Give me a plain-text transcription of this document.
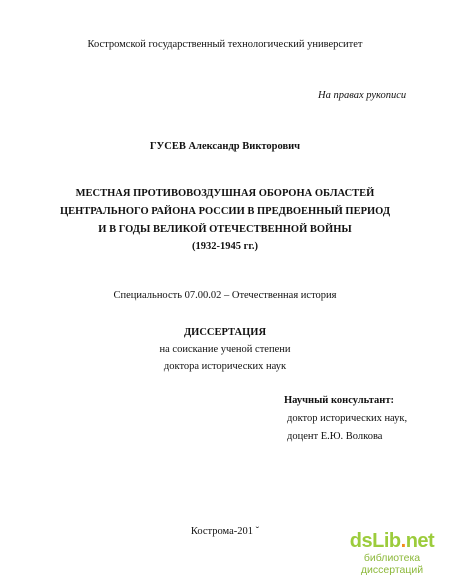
Костромской государственный технологический университет
На правах рукописи
ГУСЕВ Александр Викторович
МЕСТНАЯ ПРОТИВОВОЗДУШНАЯ ОБОРОНА ОБЛАСТЕЙ
ЦЕНТРАЛЬНОГО РАЙОНА РОССИИ В ПРЕДВОЕННЫЙ ПЕРИОД
И В ГОДЫ ВЕЛИКОЙ ОТЕЧЕСТВЕННОЙ ВОЙНЫ
(1932-1945 гг.)
Специальность 07.00.02 – Отечественная история
ДИССЕРТАЦИЯ
на соискание ученой степени
доктора исторических наук
Научный консультант:
доктор исторических наук,
доцент Е.Ю. Волкова
Кострома-201 ˇ	dsLib.net
библиотека диссертаций
